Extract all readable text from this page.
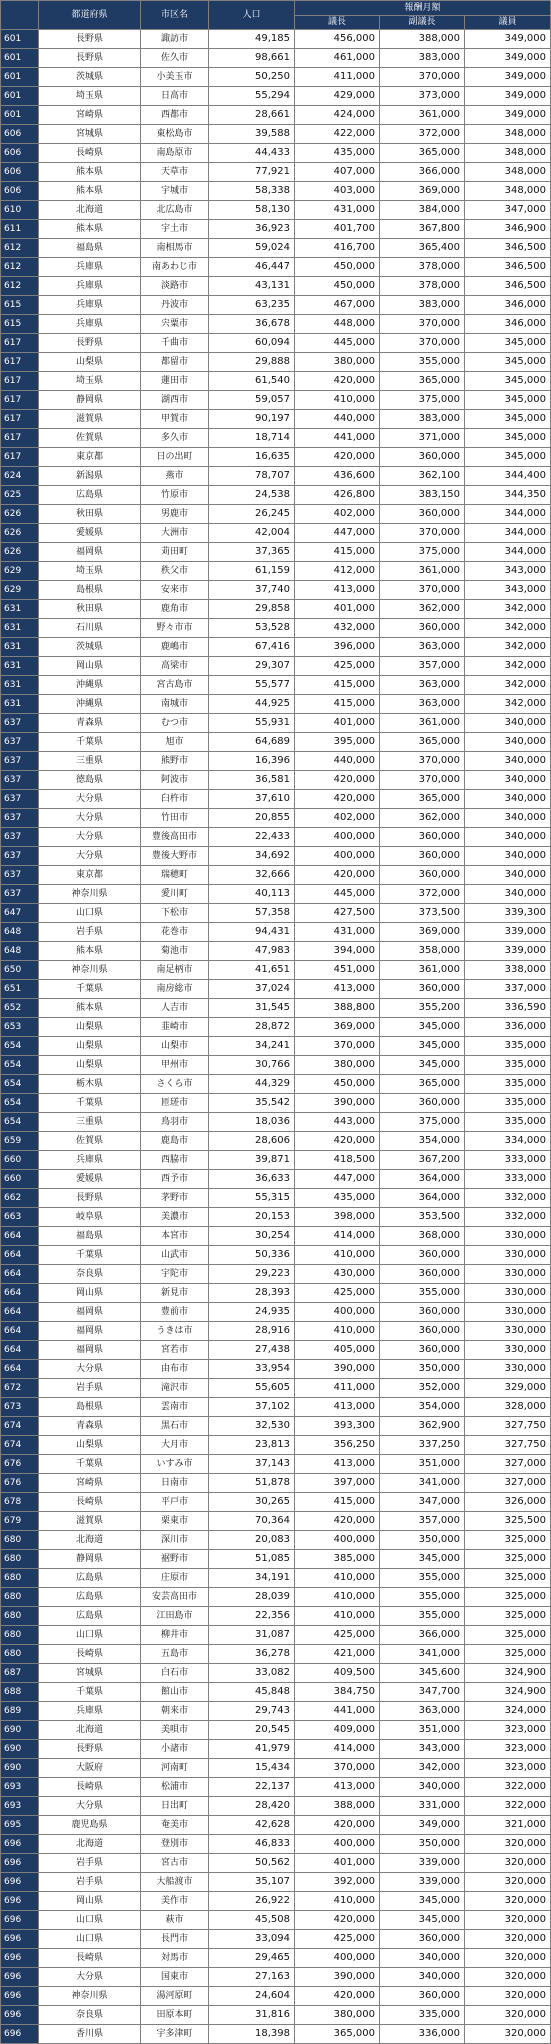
	都道府県	市区名	人口	報酬月額		
				議長	副議長	議員
601	長野県	諏訪市	49,185	456,000	388,000	349,000
601	長野県	佐久市	98,661	461,000	383,000	349,000
601	茨城県	小美玉市	50,250	411,000	370,000	349,000
601	埼玉県	日高市	55,294	429,000	373,000	349,000
601	宮崎県	西都市	28,661	424,000	361,000	349,000
606	宮城県	東松島市	39,588	422,000	372,000	348,000
606	長崎県	南島原市	44,433	435,000	365,000	348,000
606	熊本県	天草市	77,921	407,000	366,000	348,000
606	熊本県	宇城市	58,338	403,000	369,000	348,000
610	北海道	北広島市	58,130	431,000	384,000	347,000
611	熊本県	宇土市	36,923	401,700	367,800	346,900
612	福島県	南相馬市	59,024	416,700	365,400	346,500
612	兵庫県	南あわじ市	46,447	450,000	378,000	346,500
612	兵庫県	淡路市	43,131	450,000	378,000	346,500
615	兵庫県	丹波市	63,235	467,000	383,000	346,000
615	兵庫県	宍粟市	36,678	448,000	370,000	346,000
617	長野県	千曲市	60,094	445,000	370,000	345,000
617	山梨県	都留市	29,888	380,000	355,000	345,000
617	埼玉県	蓮田市	61,540	420,000	365,000	345,000
617	静岡県	湖西市	59,057	410,000	375,000	345,000
617	滋賀県	甲賀市	90,197	440,000	383,000	345,000
617	佐賀県	多久市	18,714	441,000	371,000	345,000
617	東京都	日の出町	16,635	420,000	360,000	345,000
624	新潟県	燕市	78,707	436,600	362,100	344,400
625	広島県	竹原市	24,538	426,800	383,150	344,350
626	秋田県	男鹿市	26,245	402,000	360,000	344,000
626	愛媛県	大洲市	42,004	447,000	370,000	344,000
626	福岡県	苅田町	37,365	415,000	375,000	344,000
629	埼玉県	秩父市	61,159	412,000	361,000	343,000
629	島根県	安来市	37,740	413,000	370,000	343,000
631	秋田県	鹿角市	29,858	401,000	362,000	342,000
631	石川県	野々市市	53,528	432,000	360,000	342,000
631	茨城県	鹿嶋市	67,416	396,000	363,000	342,000
631	岡山県	高梁市	29,307	425,000	357,000	342,000
631	沖縄県	宮古島市	55,577	415,000	363,000	342,000
631	沖縄県	南城市	44,925	415,000	363,000	342,000
637	青森県	むつ市	55,931	401,000	361,000	340,000
637	千葉県	旭市	64,689	395,000	365,000	340,000
637	三重県	熊野市	16,396	440,000	370,000	340,000
637	徳島県	阿波市	36,581	420,000	370,000	340,000
637	大分県	臼杵市	37,610	420,000	365,000	340,000
637	大分県	竹田市	20,855	402,000	362,000	340,000
637	大分県	豊後高田市	22,433	400,000	360,000	340,000
637	大分県	豊後大野市	34,692	400,000	360,000	340,000
637	東京都	瑞穂町	32,666	420,000	360,000	340,000
637	神奈川県	愛川町	40,113	445,000	372,000	340,000
647	山口県	下松市	57,358	427,500	373,500	339,300
648	岩手県	花巻市	94,431	431,000	369,000	339,000
648	熊本県	菊池市	47,983	394,000	358,000	339,000
650	神奈川県	南足柄市	41,651	451,000	361,000	338,000
651	千葉県	南房総市	37,024	413,000	360,000	337,000
652	熊本県	人吉市	31,545	388,800	355,200	336,590
653	山梨県	韮崎市	28,872	369,000	345,000	336,000
654	山梨県	山梨市	34,241	370,000	345,000	335,000
654	山梨県	甲州市	30,766	380,000	345,000	335,000
654	栃木県	さくら市	44,329	450,000	365,000	335,000
654	千葉県	匝瑳市	35,542	390,000	360,000	335,000
654	三重県	鳥羽市	18,036	443,000	375,000	335,000
659	佐賀県	鹿島市	28,606	420,000	354,000	334,000
660	兵庫県	西脇市	39,871	418,500	367,200	333,000
660	愛媛県	西予市	36,633	447,000	364,000	333,000
662	長野県	茅野市	55,315	435,000	364,000	332,000
663	岐阜県	美濃市	20,153	398,000	353,500	332,000
664	福島県	本宮市	30,254	414,000	368,000	330,000
664	千葉県	山武市	50,336	410,000	360,000	330,000
664	奈良県	宇陀市	29,223	430,000	360,000	330,000
664	岡山県	新見市	28,393	425,000	355,000	330,000
664	福岡県	豊前市	24,935	400,000	360,000	330,000
664	福岡県	うきは市	28,916	410,000	360,000	330,000
664	福岡県	宮若市	27,438	405,000	360,000	330,000
664	大分県	由布市	33,954	390,000	350,000	330,000
672	岩手県	滝沢市	55,605	411,000	352,000	329,000
673	島根県	雲南市	37,102	413,000	354,000	328,000
674	青森県	黒石市	32,530	393,300	362,900	327,750
674	山梨県	大月市	23,813	356,250	337,250	327,750
676	千葉県	いすみ市	37,143	413,000	351,000	327,000
676	宮崎県	日南市	51,878	397,000	341,000	327,000
678	長崎県	平戸市	30,265	415,000	347,000	326,000
679	滋賀県	栗東市	70,364	420,000	357,000	325,500
680	北海道	深川市	20,083	400,000	350,000	325,000
680	静岡県	裾野市	51,085	385,000	345,000	325,000
680	広島県	庄原市	34,191	410,000	355,000	325,000
680	広島県	安芸高田市	28,039	410,000	355,000	325,000
680	広島県	江田島市	22,356	410,000	355,000	325,000
680	山口県	柳井市	31,087	425,000	366,000	325,000
680	長崎県	五島市	36,278	421,000	341,000	325,000
687	宮城県	白石市	33,082	409,500	345,600	324,900
688	千葉県	館山市	45,848	384,750	347,700	324,900
689	兵庫県	朝来市	29,743	441,000	363,000	324,000
690	北海道	美唄市	20,545	409,000	351,000	323,000
690	長野県	小諸市	41,979	414,000	343,000	323,000
690	大阪府	河南町	15,434	370,000	342,000	323,000
693	長崎県	松浦市	22,137	413,000	340,000	322,000
693	大分県	日出町	28,420	388,000	331,000	322,000
695	鹿児島県	奄美市	42,628	420,000	349,000	321,000
696	北海道	登別市	46,833	400,000	350,000	320,000
696	岩手県	宮古市	50,562	401,000	339,000	320,000
696	岩手県	大船渡市	35,107	392,000	339,000	320,000
696	岡山県	美作市	26,922	410,000	345,000	320,000
696	山口県	萩市	45,508	420,000	345,000	320,000
696	山口県	長門市	33,094	425,000	360,000	320,000
696	長崎県	対馬市	29,465	400,000	340,000	320,000
696	大分県	国東市	27,163	390,000	340,000	320,000
696	神奈川県	湯河原町	24,604	420,000	360,000	320,000
696	奈良県	田原本町	31,816	380,000	335,000	320,000
696	香川県	宇多津町	18,398	365,000	336,000	320,000
